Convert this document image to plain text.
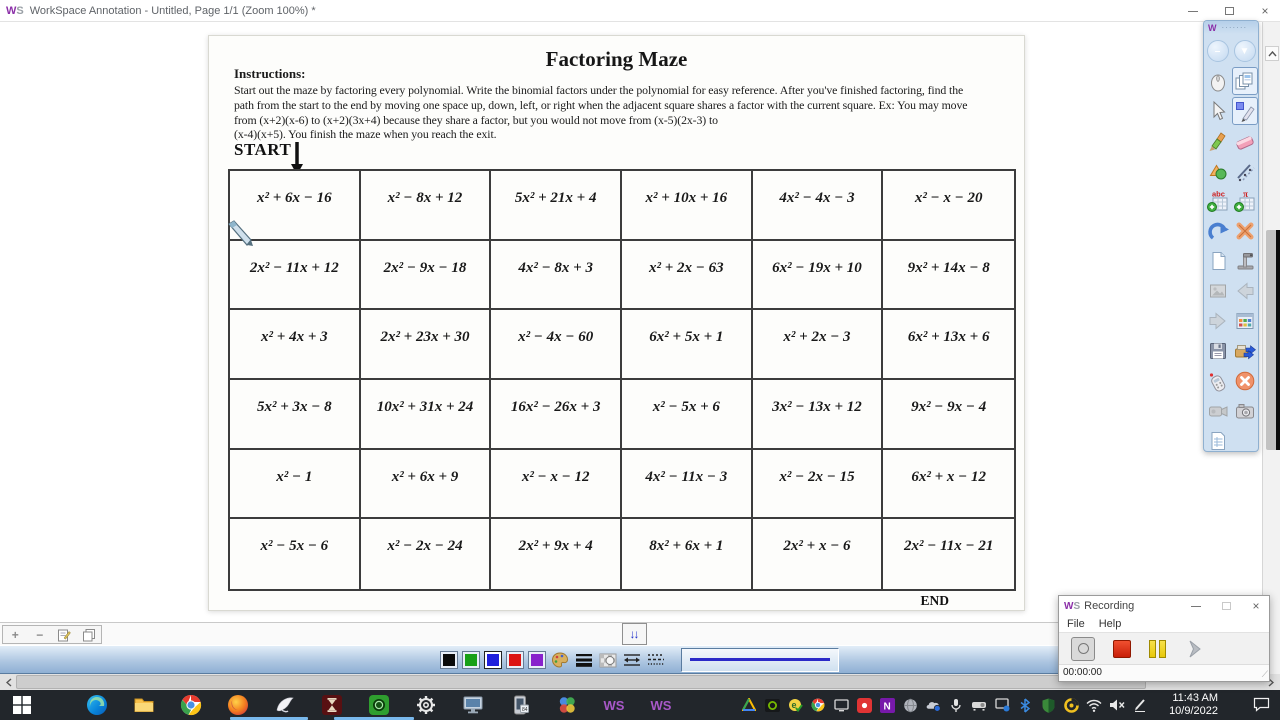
WS WorkSpace Annotation - Untitled, Page 1/1 (Zoom 100%) *	×
Factoring Maze
Instructions:
Start out the maze by factoring every polynomial. Write the binomial factors under the polynomial for easy reference. After you've finished factoring, find the
path from the start to the end by moving one space up, down, left, or right when the adjacent square shares a factor with the current square. Ex: You may move
from (x+2)(x-6) to (x+2)(3x+4) because they share a factor, but you would not move from (x-5)(2x-3) to
(x-4)(x+5). You finish the maze when you reach the exit.
START
x² + 6x − 16	x² − 8x + 12	5x² + 21x + 4	x² + 10x + 16	4x² − 4x − 3	x² − x − 20
2x² − 11x + 12	2x² − 9x − 18	4x² − 8x + 3	x² + 2x − 63	6x² − 19x + 10	9x² + 14x − 8
x² + 4x + 3	2x² + 23x + 30	x² − 4x − 60	6x² + 5x + 1	x² + 2x − 3	6x² + 13x + 6
5x² + 3x − 8	10x² + 31x + 24	16x² − 26x + 3	x² − 5x + 6	3x² − 13x + 12	9x² − 9x − 4
x² − 1	x² + 6x + 9	x² − x − 12	4x² − 11x − 3	x² − 2x − 15	6x² + x − 12
x² − 5x − 6	x² − 2x − 24	2x² + 9x + 4	8x² + 6x + 1	2x² + x − 6	2x² − 11x − 21
END
W ·······
–	▼
abc π
+	−	↓↓
WS Recording	×
File Help
00:00:00	⟋
84	WS WS	e	N
11:43 AM
10/9/2022
